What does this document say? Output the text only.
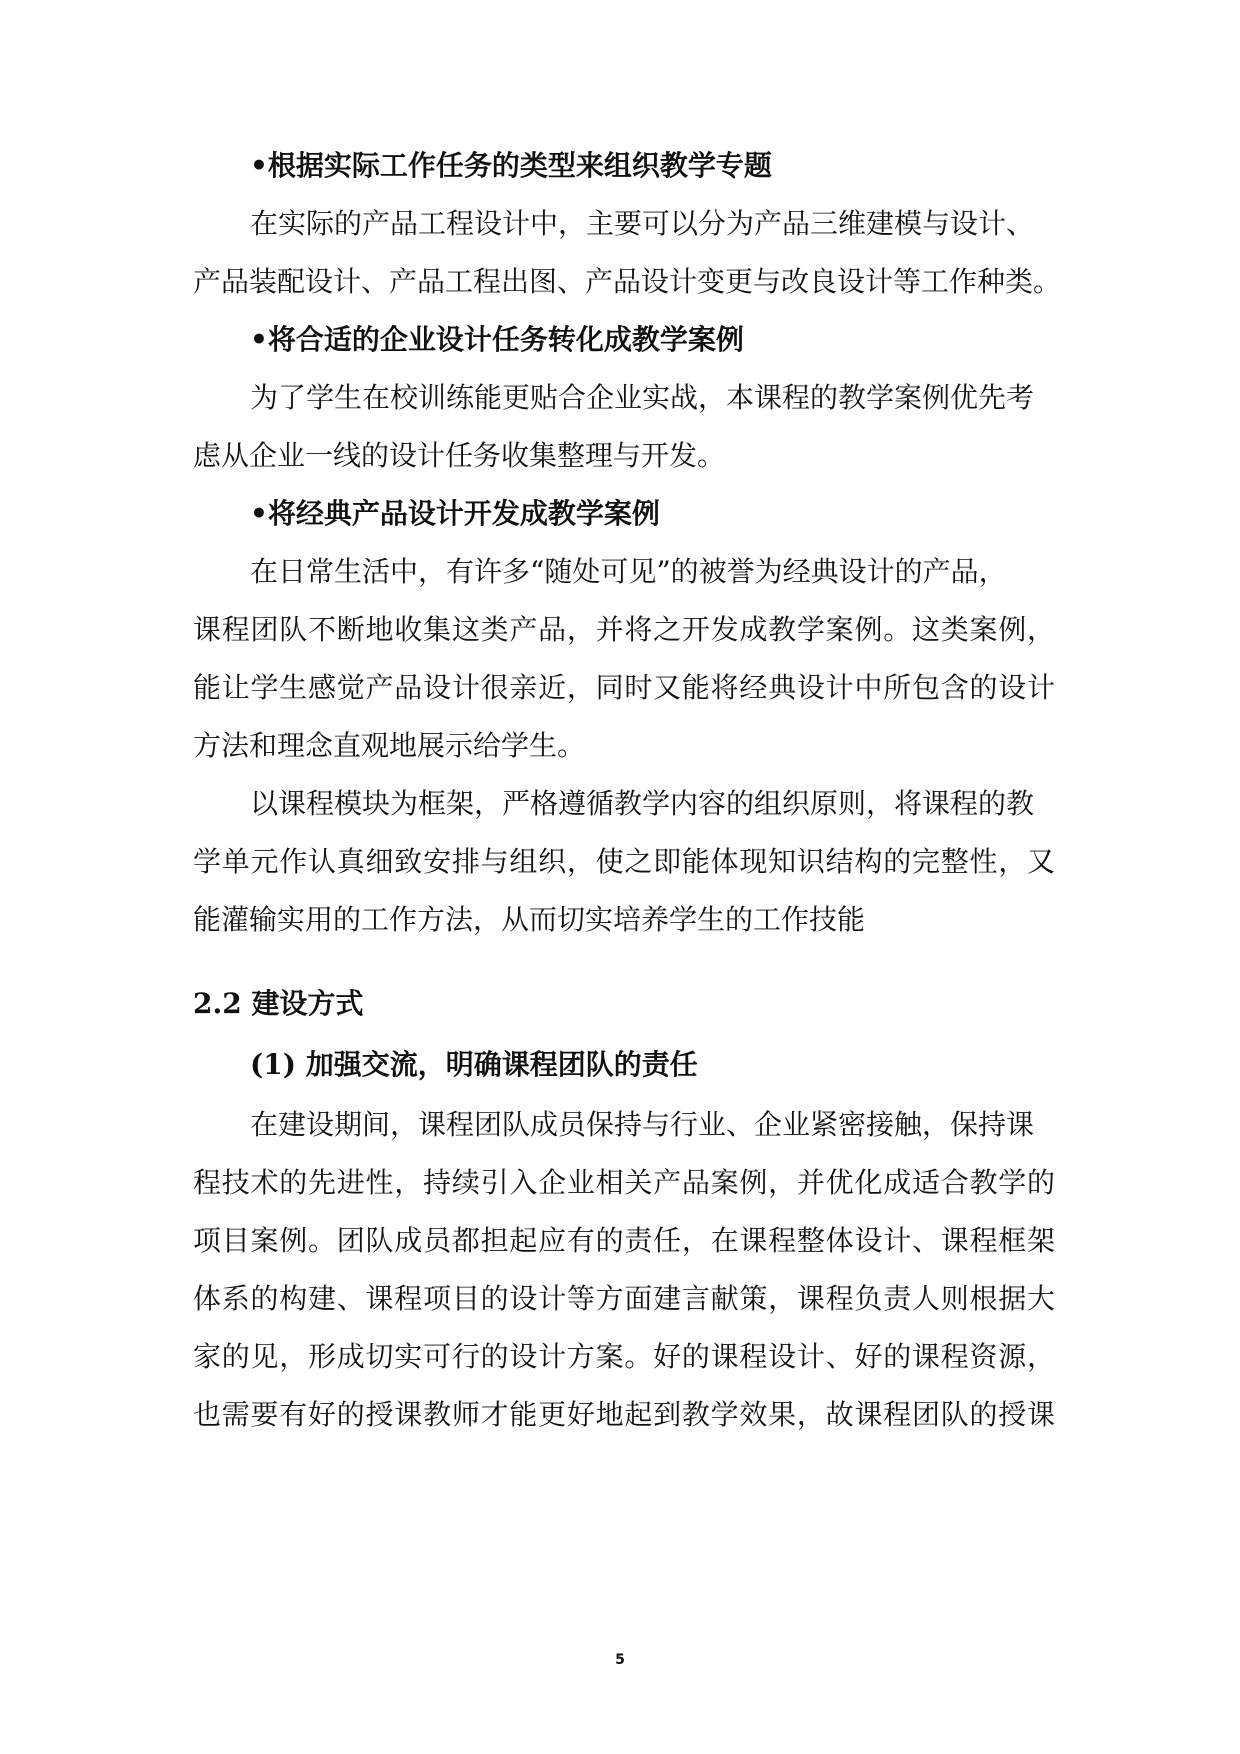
•根据实际工作任务的类型来组织教学专题

在实际的产品工程设计中，主要可以分为产品三维建模与设计、

产品装配设计、产品工程出图、产品设计变更与改良设计等工作种类。

•将合适的企业设计任务转化成教学案例

为了学生在校训练能更贴合企业实战，本课程的教学案例优先考

虑从企业一线的设计任务收集整理与开发。

•将经典产品设计开发成教学案例

在日常生活中，有许多“随处可见”的被誉为经典设计的产品，

课程团队不断地收集这类产品，并将之开发成教学案例。这类案例，

能让学生感觉产品设计很亲近，同时又能将经典设计中所包含的设计

方法和理念直观地展示给学生。

以课程模块为框架，严格遵循教学内容的组织原则，将课程的教

学单元作认真细致安排与组织，使之即能体现知识结构的完整性，又

能灌输实用的工作方法，从而切实培养学生的工作技能

2.2 建设方式

(1) 加强交流，明确课程团队的责任

在建设期间，课程团队成员保持与行业、企业紧密接触，保持课

程技术的先进性，持续引入企业相关产品案例，并优化成适合教学的

项目案例。团队成员都担起应有的责任，在课程整体设计、课程框架

体系的构建、课程项目的设计等方面建言献策，课程负责人则根据大

家的见，形成切实可行的设计方案。好的课程设计、好的课程资源，

也需要有好的授课教师才能更好地起到教学效果，故课程团队的授课

5
